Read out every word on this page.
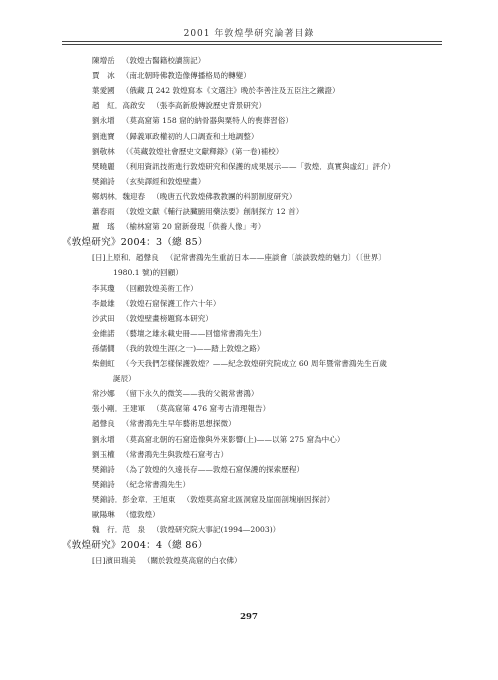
2001 年敦煌學研究論著目錄
陳增岳 （敦煌古醫籍校讀箚記）
賈　冰 （南北朝時佛教造像傳播格局的轉變）
葉愛國 （俄藏 Д 242 敦煌寫本《文選注》晚於李善注及五臣注之鐵證）
趙　紅．高啟安 （張李高新殷傳說歷史背景研究）
劉永增 （莫高窟第 158 窟的納骨器與粟特人的喪葬習俗）
劉進寶 （歸義軍政權初的人口調查和土地調整）
劉敬林 （《英藏敦煌社會歷史文獻釋錄》(第一卷)補校）
樊曉麗 （利用資訊技術進行敦煌研究和保護的成果展示——「敦煌．真實與虛幻」評介）
樊錦詩 （玄奘譯經和敦煌壁畫）
鄭炳林．魏迎春 （晚唐五代敦煌佛教教團的科罰制度研究）
蕭春雨 （敦煌文獻《輔行訣臟腑用藥法要》創制探方 12 首）
羅　瑤 （榆林窟第 20 窟新發現「供養人像」考）
《敦煌研究》2004：3（總 85）
[日]上原和．趙聲良 （記常書鴻先生重訪日本——座談會〔談談敦煌的魅力〕（〔世界〕
1980.1 號)的回顧）
李其瓊 （回顧敦煌美術工作）
李最雄 （敦煌石窟保護工作六十年）
沙武田 （敦煌壁畫榜題寫本研究）
金維諾 （藝壇之雄永載史冊——回憶常書鴻先生）
孫儒僩 （我的敦煌生涯(之一)——踏上敦煌之路）
柴劍虹 （今天我們怎樣保護敦煌？——紀念敦煌研究院成立 60 周年暨常書鴻先生百歲
誕辰）
常沙娜 （留下永久的微笑——我的父親常書鴻）
張小剛．王建軍 （莫高窟第 476 窟考古清理報告）
趙聲良 （常書鴻先生早年藝術思想探微）
劉永增 （莫高窟北朝的石窟造像與外來影響(上)——以第 275 窟為中心）
劉玉權 （常書鴻先生與敦煌石窟考古）
樊錦詩 （為了敦煌的久遠長存——敦煌石窟保護的探索歷程）
樊錦詩 （紀念常書鴻先生）
樊錦詩．彭金章．王旭東 （敦煌莫高窟北區洞窟及崖面剖塊崩因探討）
歐陽琳 （憶敦煌）
魏　行．范　泉 （敦煌研究院大事記(1994—2003)）
《敦煌研究》2004：4（總 86）
[日]濱田瑞美 （關於敦煌莫高窟的白衣佛）
297
